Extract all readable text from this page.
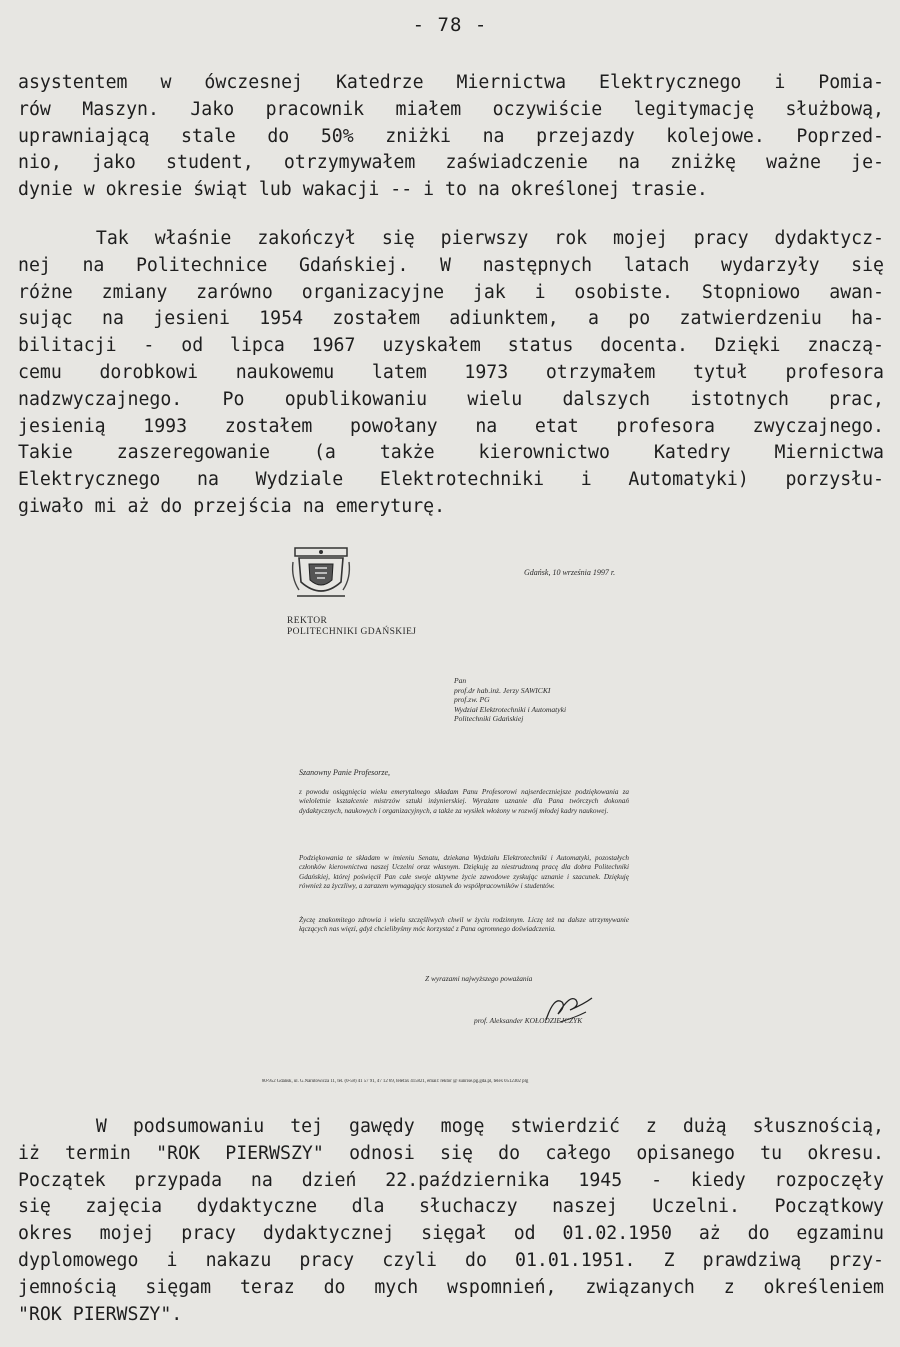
- 78 -
asystentem w ówczesnej Katedrze Miernictwa Elektrycznego i Pomia-
rów Maszyn. Jako pracownik miałem oczywiście legitymację służbową,
uprawniającą stale do 50% zniżki na przejazdy kolejowe. Poprzed-
nio, jako student, otrzymywałem zaświadczenie na zniżkę ważne je-
dynie w okresie świąt lub wakacji -- i to na określonej trasie.
Tak właśnie zakończył się pierwszy rok mojej pracy dydaktycz-
nej na Politechnice Gdańskiej. W następnych latach wydarzyły się
różne zmiany zarówno organizacyjne jak i osobiste. Stopniowo awan-
sując na jesieni 1954 zostałem adiunktem, a po zatwierdzeniu ha-
bilitacji - od lipca 1967 uzyskałem status docenta. Dzięki znaczą-
cemu dorobkowi naukowemu latem 1973 otrzymałem tytuł profesora
nadzwyczajnego. Po opublikowaniu wielu dalszych istotnych prac,
jesienią 1993 zostałem powołany na etat profesora zwyczajnego.
Takie zaszeregowanie (a także kierownictwo Katedry Miernictwa
Elektrycznego na Wydziale Elektrotechniki i Automatyki) porzysłu-
giwało mi aż do przejścia na emeryturę.
REKTOR
POLITECHNIKI GDAŃSKIEJ
Gdańsk, 10 września 1997 r.
Pan
prof.dr hab.inż. Jerzy SAWICKI
prof.zw. PG
Wydział Elektrotechniki i Automatyki
Politechniki Gdańskiej
Szanowny Panie Profesorze,
z powodu osiągnięcia wieku emerytalnego składam Panu Profesorowi najserdeczniejsze podziękowania za wieloletnie kształcenie mistrzów sztuki inżynierskiej. Wyrażam uznanie dla Pana twórczych dokonań dydaktycznych, naukowych i organizacyjnych, a także za wysiłek włożony w rozwój młodej kadry naukowej.
Podziękowania te składam w imieniu Senatu, dziekana Wydziału Elektrotechniki i Automatyki, pozostałych członków kierownictwa naszej Uczelni oraz własnym. Dziękuję za niestrudzoną pracę dla dobra Politechniki Gdańskiej, której poświęcił Pan całe swoje aktywne życie zawodowe zyskując uznanie i szacunek. Dziękuję również za życzliwy, a zarazem wymagający stosunek do współpracowników i studentów.
Życzę znakomitego zdrowia i wielu szczęśliwych chwil w życiu rodzinnym. Liczę też na dalsze utrzymywanie łączących nas więzi, gdyż chcielibyśmy móc korzystać z Pana ogromnego doświadczenia.
Z wyrazami najwyższego poważania
prof. Aleksander KOŁODZIEJCZYK
80-952 Gdańsk, ul. G.Narutowicza 11, tel. (0-58) 41 57 91, 47 12 69, telefax 415821, email: rektor @ sunrise.pg.gda.pl, telex 0512302 plg
W podsumowaniu tej gawędy mogę stwierdzić z dużą słusznością,
iż termin "ROK PIERWSZY" odnosi się do całego opisanego tu okresu.
Początek przypada na dzień 22.października 1945 - kiedy rozpoczęły
się zajęcia dydaktyczne dla słuchaczy naszej Uczelni. Początkowy
okres mojej pracy dydaktycznej sięgał od 01.02.1950 aż do egzaminu
dyplomowego i nakazu pracy czyli do 01.01.1951. Z prawdziwą przy-
jemnością sięgam teraz do mych wspomnień, związanych z określeniem
"ROK PIERWSZY".
